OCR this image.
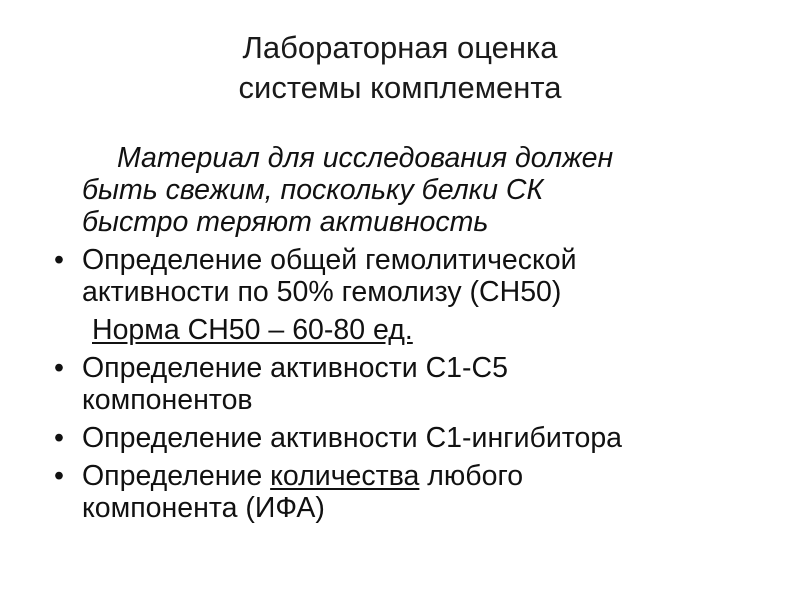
Лабораторная оценка
системы комплемента

Материал для исследования должен
быть свежим, поскольку белки СК
быстро теряют активность

• Определение общей гемолитической
активности по 50% гемолизу (СН50)

Норма СН50 – 60-80 ед.

• Определение активности С1-С5
компонентов

• Определение активности С1-ингибитора

• Определение количества любого
компонента (ИФА)
